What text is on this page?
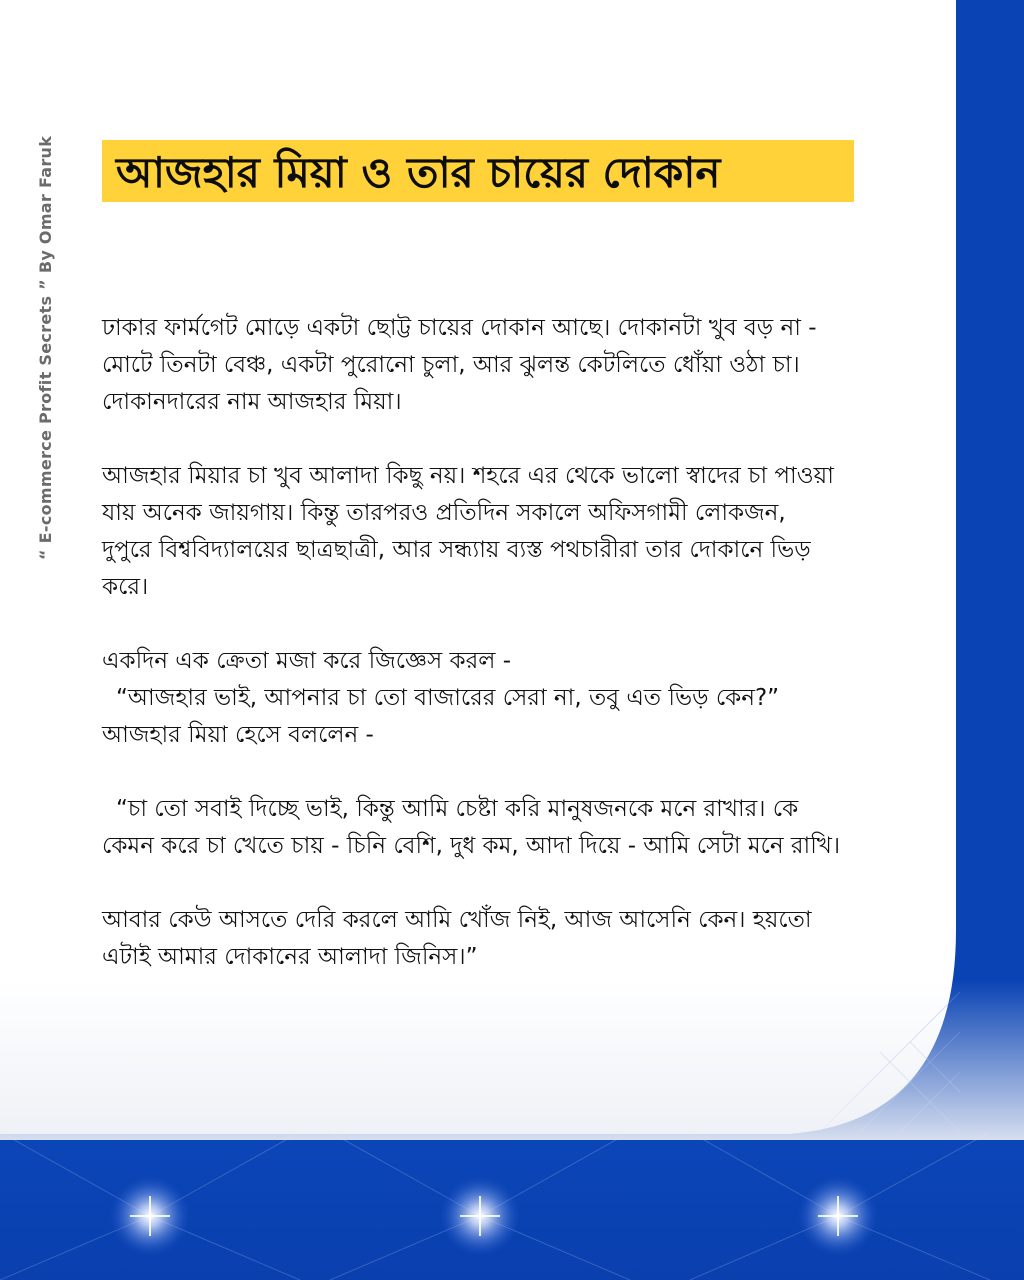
“ E-commerce Profit Secrets ” By Omar Faruk আজহার মিয়া ও তার চায়ের দোকান
ঢাকার ফার্মগেট মোড়ে একটা ছোট্ট চায়ের দোকান আছে। দোকানটা খুব বড় না -
মোটে তিনটা বেঞ্চ, একটা পুরোনো চুলা, আর ঝুলন্ত কেটলিতে ধোঁয়া ওঠা চা।
দোকানদারের নাম আজহার মিয়া।
আজহার মিয়ার চা খুব আলাদা কিছু নয়। শহরে এর থেকে ভালো স্বাদের চা পাওয়া
যায় অনেক জায়গায়। কিন্তু তারপরও প্রতিদিন সকালে অফিসগামী লোকজন,
দুপুরে বিশ্ববিদ্যালয়ের ছাত্রছাত্রী, আর সন্ধ্যায় ব্যস্ত পথচারীরা তার দোকানে ভিড়
করে।
একদিন এক ক্রেতা মজা করে জিজ্ঞেস করল -
“আজহার ভাই, আপনার চা তো বাজারের সেরা না, তবু এত ভিড় কেন?”
আজহার মিয়া হেসে বললেন -
“চা তো সবাই দিচ্ছে ভাই, কিন্তু আমি চেষ্টা করি মানুষজনকে মনে রাখার। কে
কেমন করে চা খেতে চায় - চিনি বেশি, দুধ কম, আদা দিয়ে - আমি সেটা মনে রাখি।
আবার কেউ আসতে দেরি করলে আমি খোঁজ নিই, আজ আসেনি কেন। হয়তো
এটাই আমার দোকানের আলাদা জিনিস।”
